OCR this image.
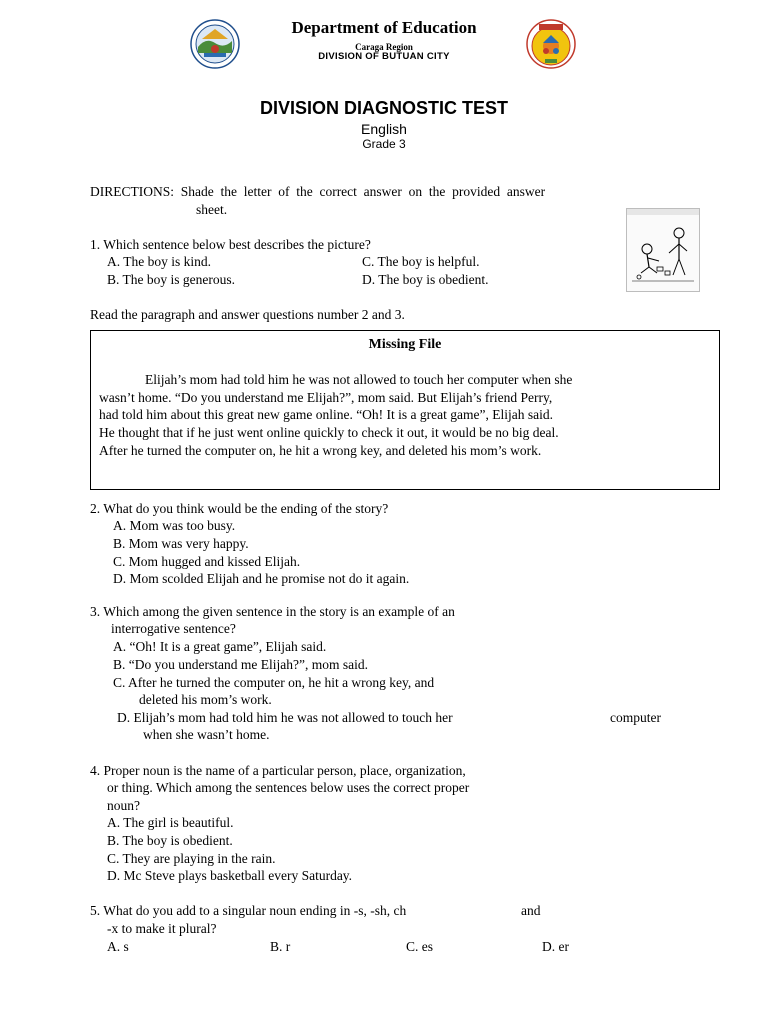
Department of Education
Caraga Region
DIVISION OF BUTUAN CITY
DIVISION DIAGNOSTIC TEST
English
Grade 3
DIRECTIONS:  Shade  the  letter  of  the  correct  answer  on  the  provided  answer
sheet.
1. Which sentence below best describes the picture?
A. The boy is kind.	C. The boy is helpful.
B. The boy is generous.	D. The boy is obedient.
Read the paragraph and answer questions number 2 and 3.
Missing File
Elijah’s mom had told him he was not allowed to touch her computer when she
wasn’t home. “Do you understand me Elijah?”, mom said. But Elijah’s friend Perry,
had told him about this great new game online. “Oh! It is a great game”, Elijah said.
He thought that if he just went online quickly to check it out, it would be no big deal.
After he turned the computer on, he hit a wrong key, and deleted his mom’s work.
2. What do you think would be the ending of the story?
A. Mom was too busy.
B. Mom was very happy.
C. Mom hugged and kissed Elijah.
D. Mom scolded Elijah and he promise not do it again.
3. Which among the given sentence in the story is an example of an
interrogative sentence?
A. “Oh! It is a great game”, Elijah said.
B. “Do you understand me Elijah?”, mom said.
C. After he turned the computer on, he hit a wrong key, and
deleted his mom’s work.
D. Elijah’s mom had told him he was not allowed to touch her	computer
when she wasn’t home.
4. Proper noun is the name of a particular person, place, organization,
or thing. Which among the sentences below uses the correct proper
noun?
A. The girl is beautiful.
B. The boy is obedient.
C. They are playing in the rain.
D. Mc Steve plays basketball every Saturday.
5. What do you add to a singular noun ending in -s, -sh, ch	and
-x to make it plural?
A. s	B. r	C. es	D. er
